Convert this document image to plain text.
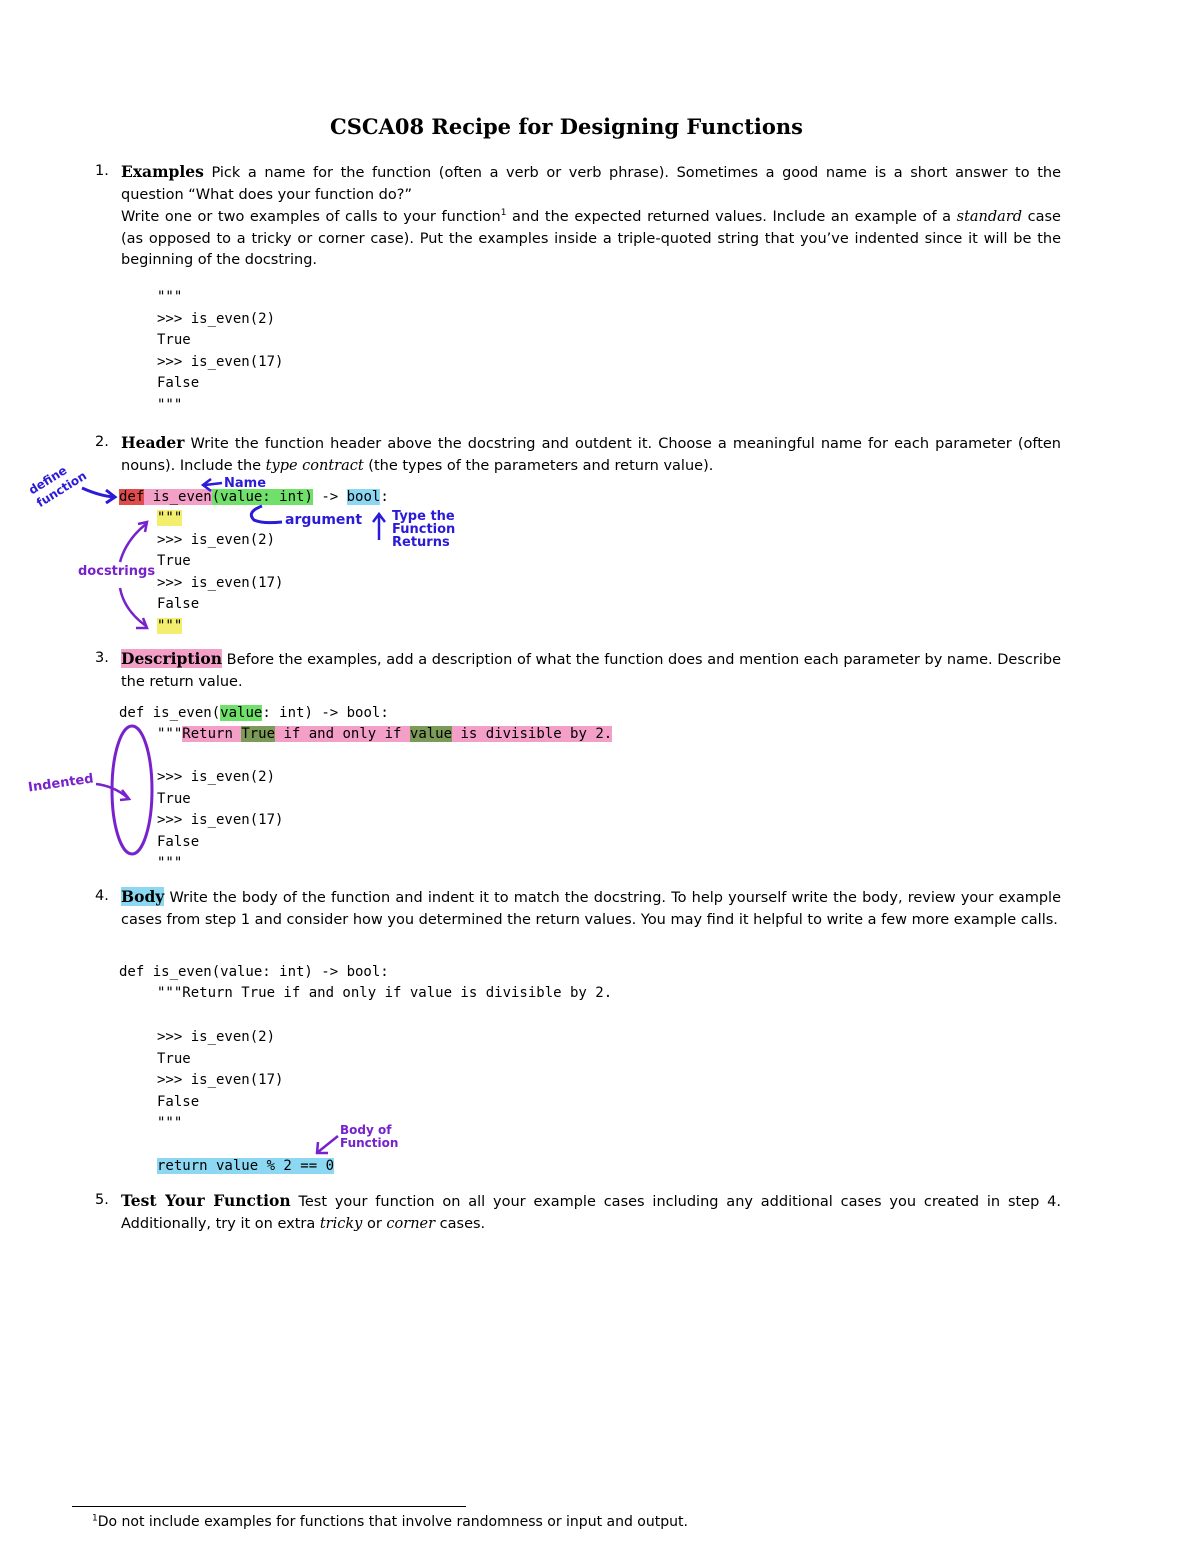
CSCA08 Recipe for Designing Functions
1. Examples Pick a name for the function (often a verb or verb phrase). Sometimes a good name is a short answer to the question “What does your function do?”
Write one or two examples of calls to your function$^1$ and the expected returned values. Include an example of a standard case (as opposed to a tricky or corner case). Put the examples inside a triple-quoted string that you’ve indented since it will be the beginning of the docstring.
"""
>>> is_even(2)
True
>>> is_even(17)
False
"""
2. Header Write the function header above the docstring and outdent it. Choose a meaningful name for each parameter (often nouns). Include the type contract (the types of the parameters and return value).
def is_even(value: int) -> bool:
"""
>>> is_even(2)
True
>>> is_even(17)
False
"""
3. Description Before the examples, add a description of what the function does and mention each parameter by name. Describe the return value.
def is_even(value: int) -> bool:
"""Return True if and only if value is divisible by 2.
>>> is_even(2)
True
>>> is_even(17)
False
"""
4. Body Write the body of the function and indent it to match the docstring. To help yourself write the body, review your example cases from step 1 and consider how you determined the return values. You may find it helpful to write a few more example calls.
def is_even(value: int) -> bool:
"""Return True if and only if value is divisible by 2.
>>> is_even(2)
True
>>> is_even(17)
False
"""
return value % 2 == 0
5. Test Your Function Test your function on all your example cases including any additional cases you created in step 4. Additionally, try it on extra tricky or corner cases.
define function	Name
argument Type the
Function
Returns
docstrings
Indented
Body of
Function
$^1$Do not include examples for functions that involve randomness or input and output.
